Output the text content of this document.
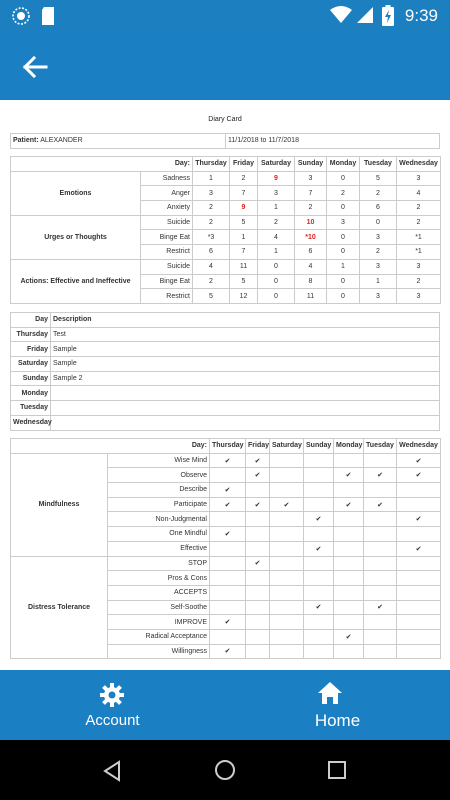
9:39
Diary Card
Patient: ALEXANDER	11/1/2018 to 11/7/2018
Day:		Thursday	Friday	Saturday	Sunday	Monday	Tuesday	Wednesday
Emotions	Sadness	1	2	9	3	0	5	3
	Anger	3	7	3	7	2	2	4
	Anxiety	2	9	1	2	0	6	2
Urges or Thoughts	Suicide	2	5	2	10	3	0	2
	Binge Eat	*3	1	4	*10	0	3	*1
	Restrict	6	7	1	6	0	2	*1
Actions: Effective and Ineffective	Suicide	4	11	0	4	1	3	3
	Binge Eat	2	5	0	8	0	1	2
	Restrict	5	12	0	11	0	3	3
Day	Description
Thursday	Test
Friday	Sample
Saturday	Sample
Sunday	Sample 2
Monday	
Tuesday	
Wednesday	
Day:		Thursday	Friday	Saturday	Sunday	Monday	Tuesday	Wednesday
Mindfulness	Wise Mind	✔	✔					✔
	Observe		✔			✔	✔	✔
	Describe	✔						
	Participate	✔	✔	✔		✔	✔	
	Non-Judgmental				✔			✔
	One Mindful	✔						
	Effective				✔			✔
Distress Tolerance	STOP		✔					
	Pros & Cons							
	ACCEPTS							
	Self-Soothe				✔		✔	
	IMPROVE	✔						
	Radical Acceptance					✔		
	Willingness	✔						
Account	Home
